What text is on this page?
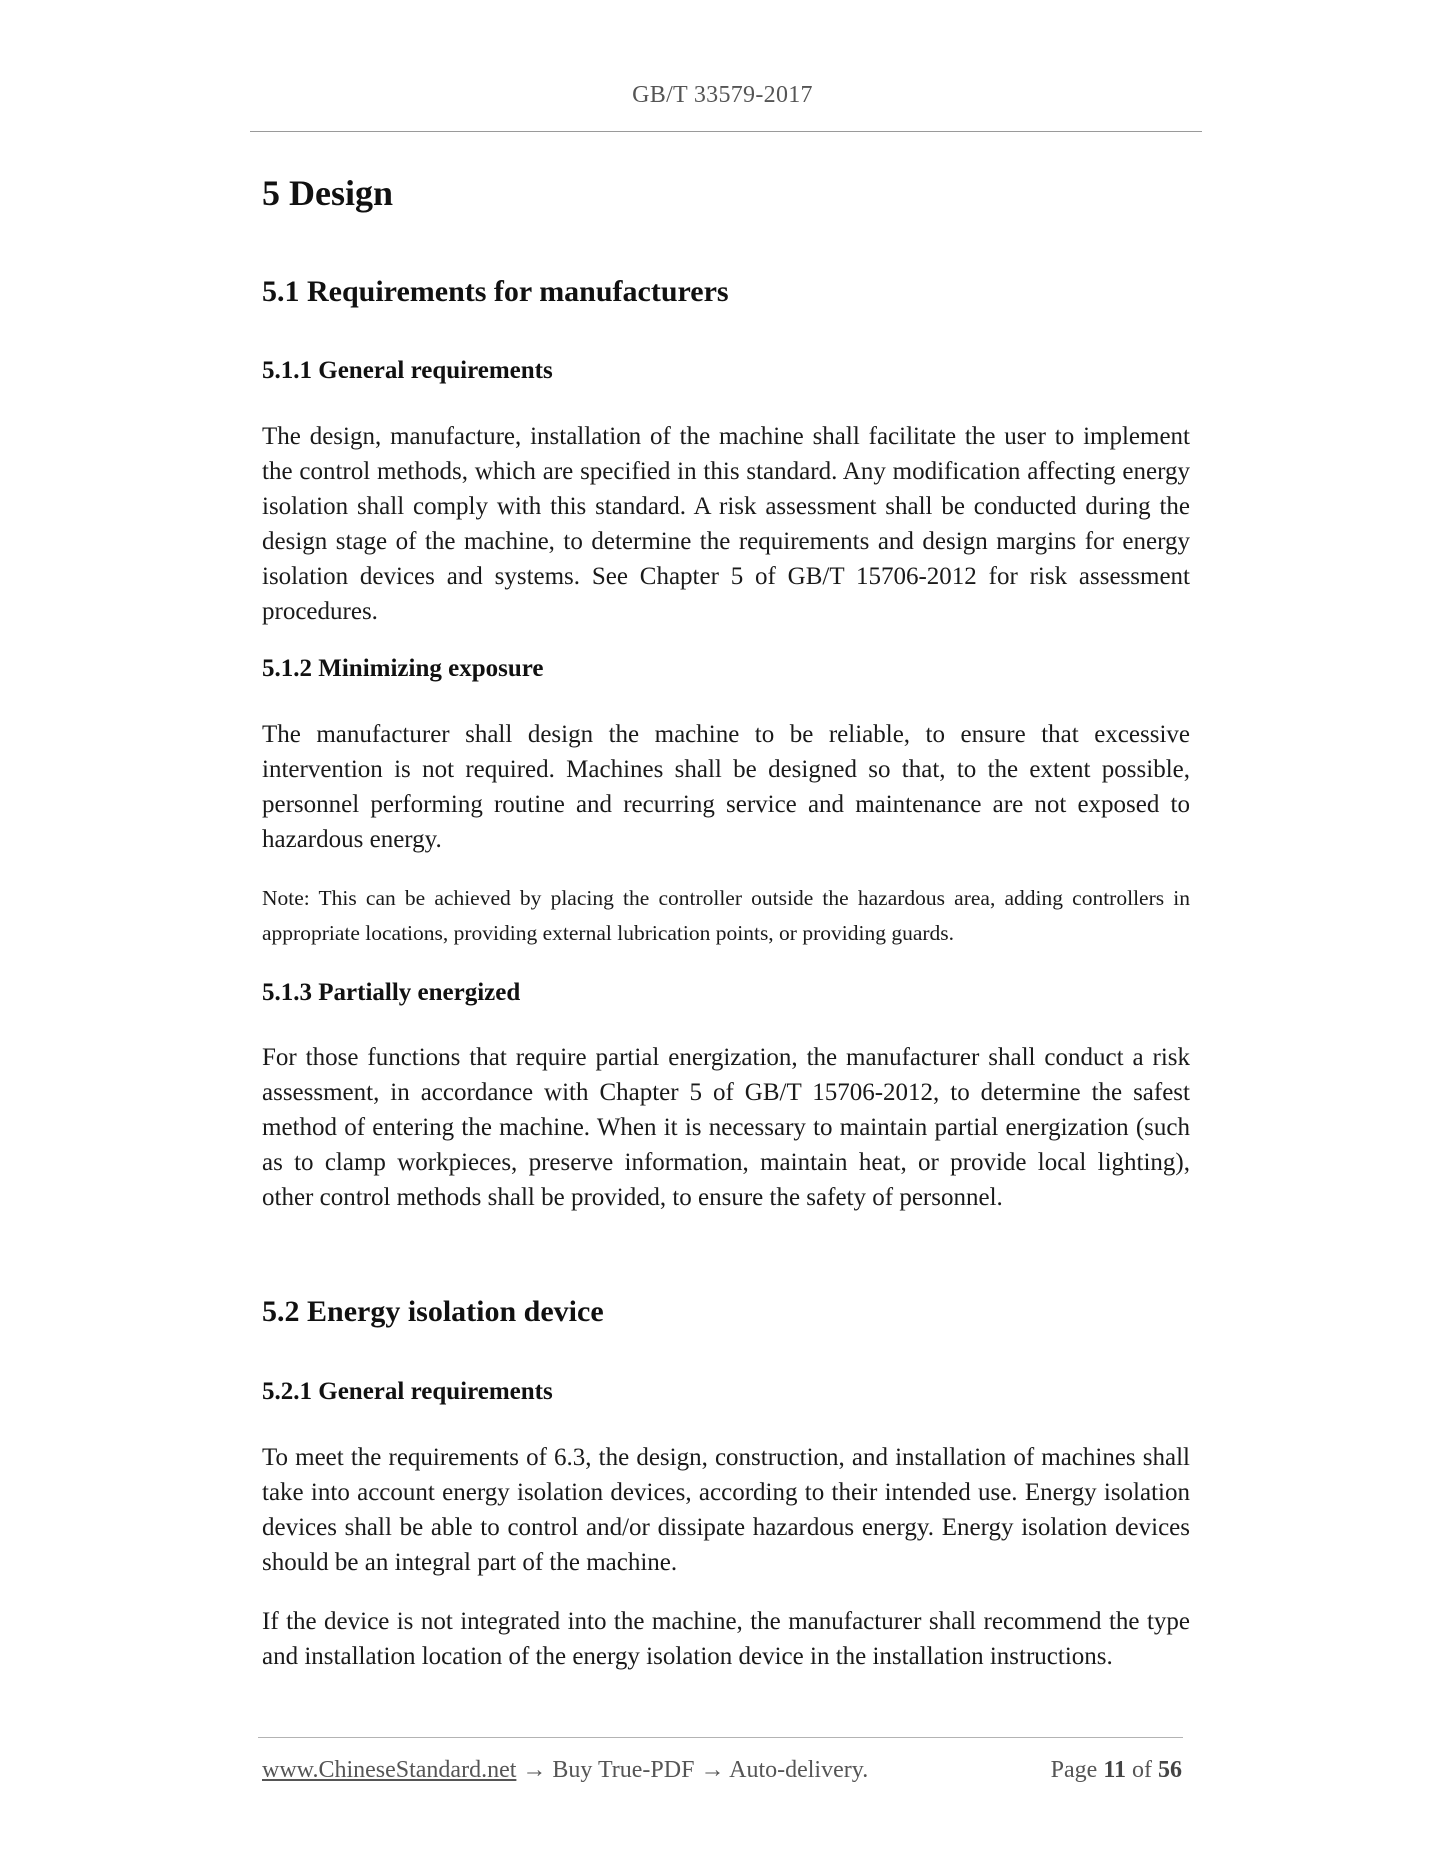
GB/T 33579-2017
5 Design
5.1 Requirements for manufacturers
5.1.1 General requirements

The design, manufacture, installation of the machine shall facilitate the user to implement the control methods, which are specified in this standard. Any modification affecting energy isolation shall comply with this standard. A risk assessment shall be conducted during the design stage of the machine, to determine the requirements and design margins for energy isolation devices and systems. See Chapter 5 of GB/T 15706-2012 for risk assessment procedures.

5.1.2 Minimizing exposure

The manufacturer shall design the machine to be reliable, to ensure that excessive intervention is not required. Machines shall be designed so that, to the extent possible, personnel performing routine and recurring service and maintenance are not exposed to hazardous energy.

Note: This can be achieved by placing the controller outside the hazardous area, adding controllers in appropriate locations, providing external lubrication points, or providing guards.

5.1.3 Partially energized

For those functions that require partial energization, the manufacturer shall conduct a risk assessment, in accordance with Chapter 5 of GB/T 15706-2012, to determine the safest method of entering the machine. When it is necessary to maintain partial energization (such as to clamp workpieces, preserve information, maintain heat, or provide local lighting), other control methods shall be provided, to ensure the safety of personnel.

5.2 Energy isolation device
5.2.1 General requirements

To meet the requirements of 6.3, the design, construction, and installation of machines shall take into account energy isolation devices, according to their intended use. Energy isolation devices shall be able to control and/or dissipate hazardous energy. Energy isolation devices should be an integral part of the machine.

If the device is not integrated into the machine, the manufacturer shall recommend the type and installation location of the energy isolation device in the installation instructions.

www.ChineseStandard.net → Buy True-PDF → Auto-delivery.	Page 11 of 56
